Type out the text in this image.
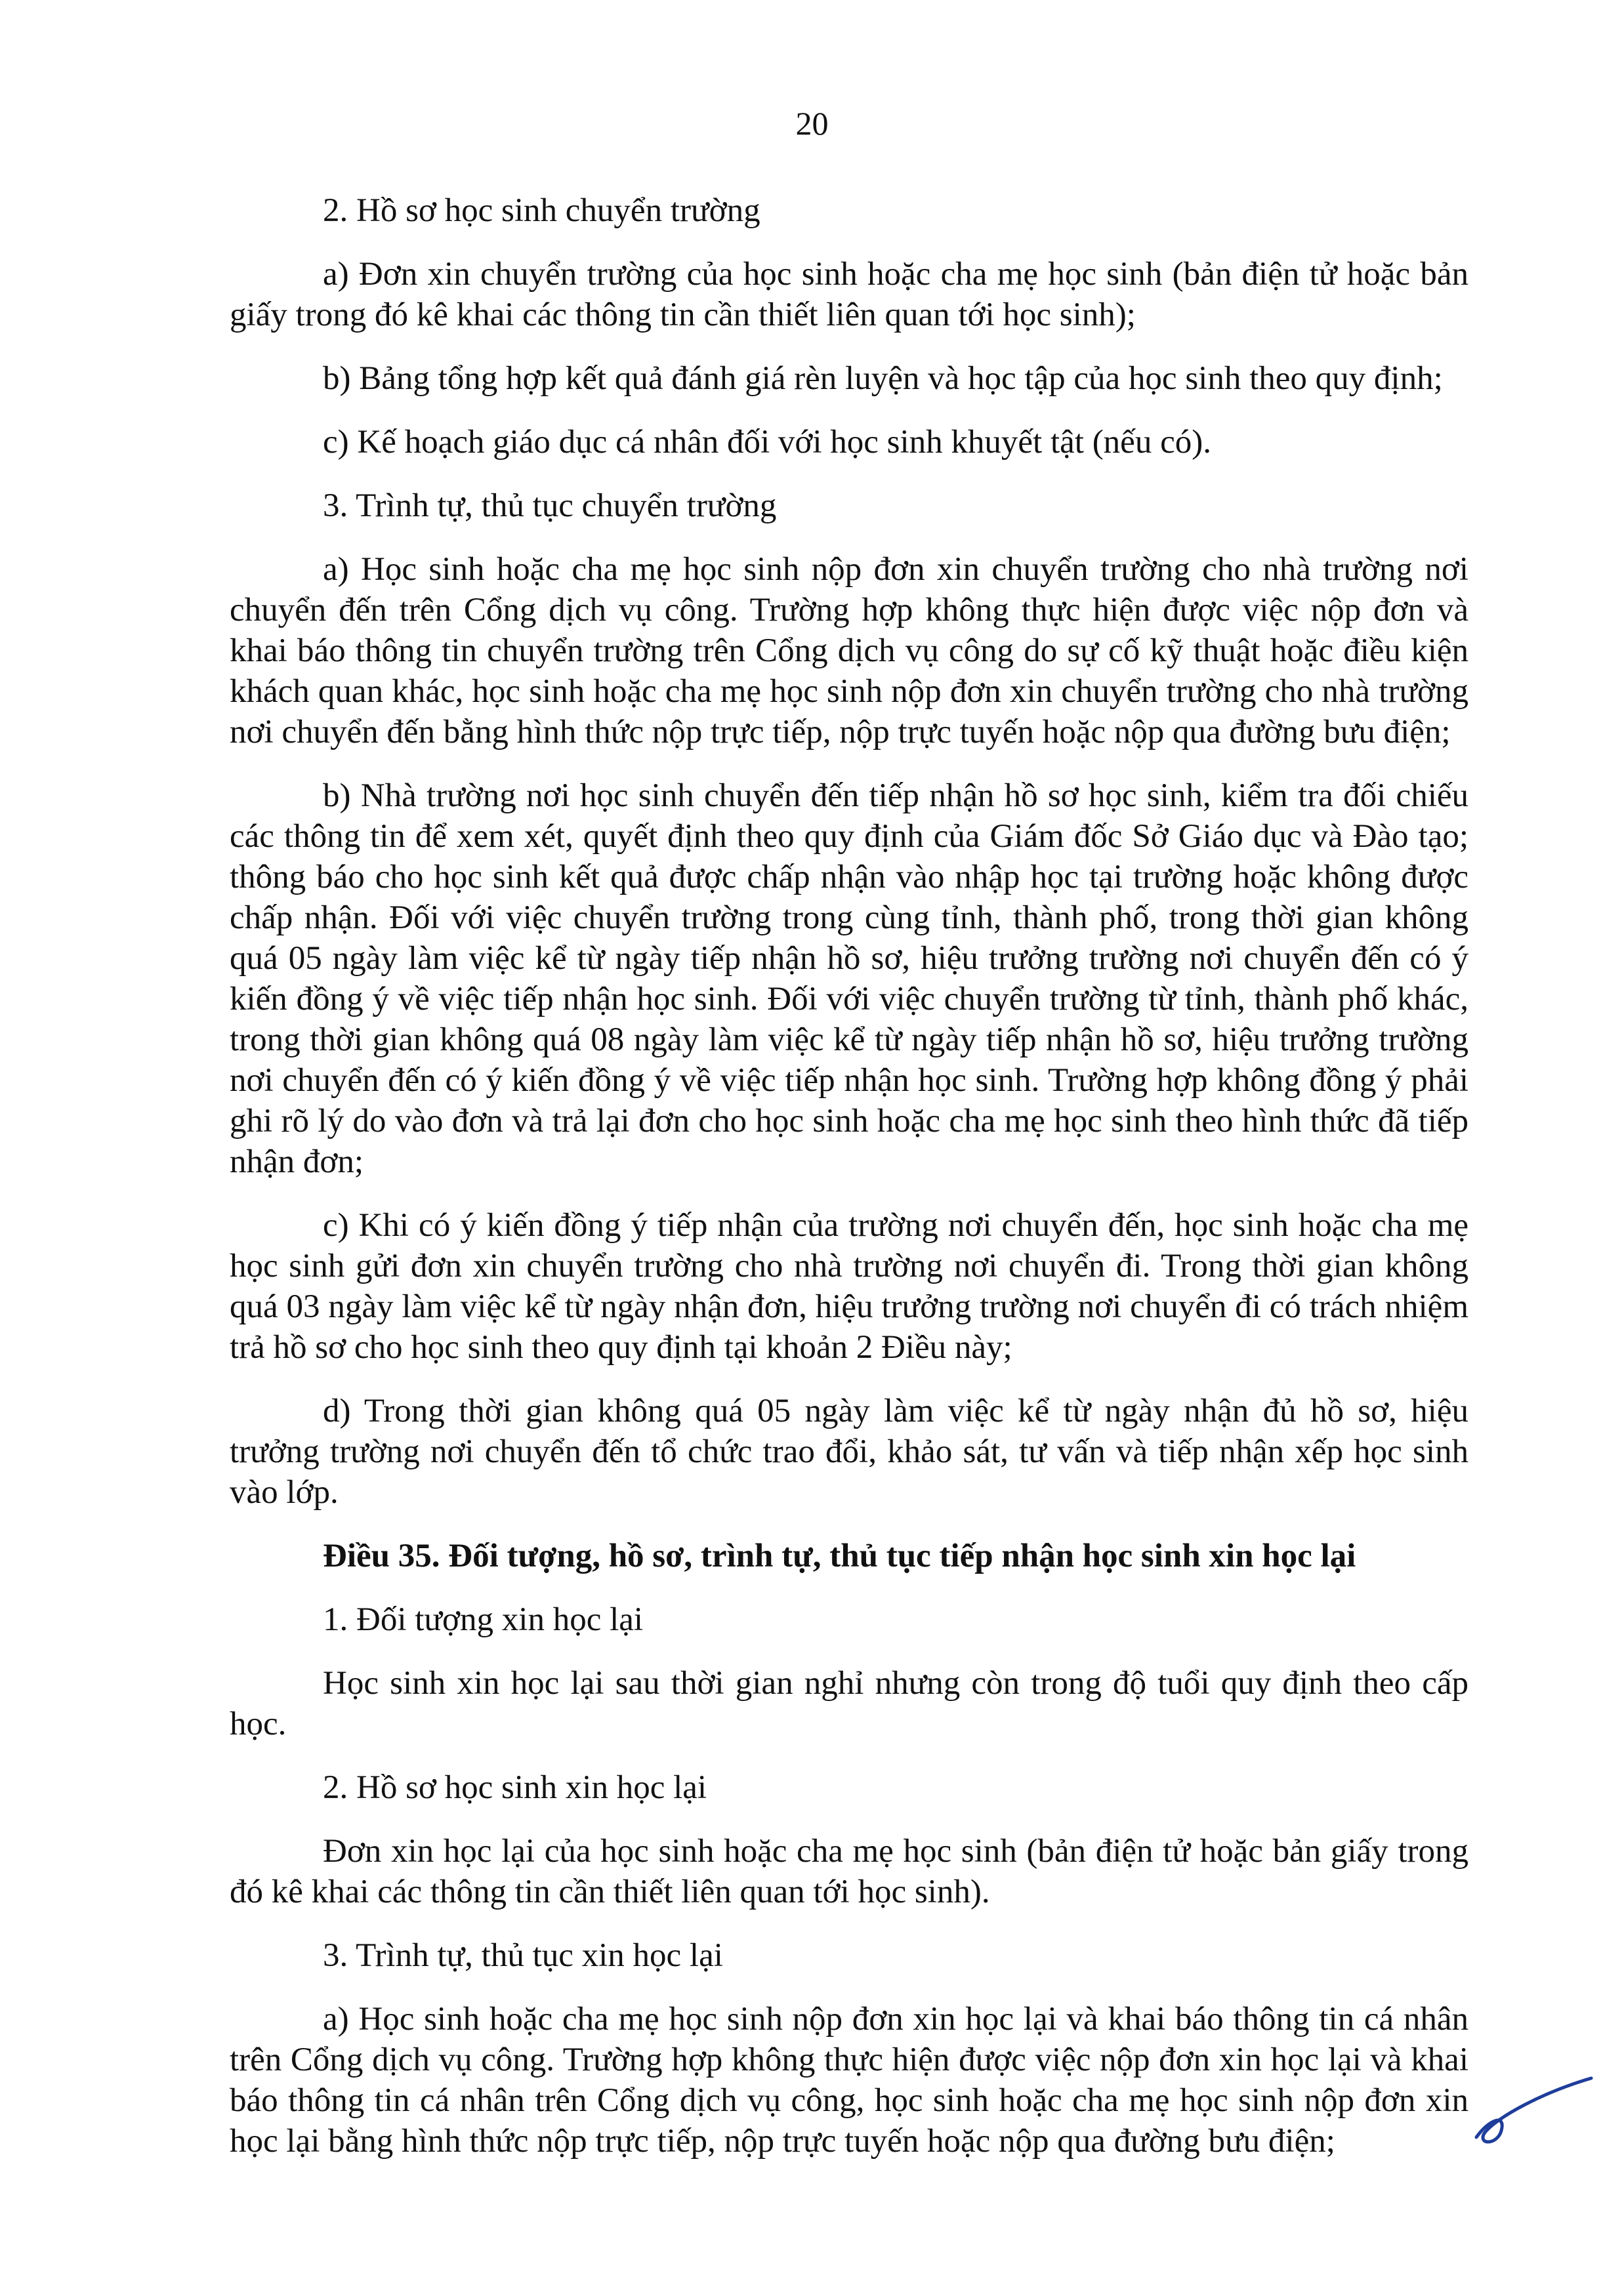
20

2. Hồ sơ học sinh chuyển trường

a) Đơn xin chuyển trường của học sinh hoặc cha mẹ học sinh (bản điện tử hoặc bản giấy trong đó kê khai các thông tin cần thiết liên quan tới học sinh);

b) Bảng tổng hợp kết quả đánh giá rèn luyện và học tập của học sinh theo quy định;

c) Kế hoạch giáo dục cá nhân đối với học sinh khuyết tật (nếu có).

3. Trình tự, thủ tục chuyển trường

a) Học sinh hoặc cha mẹ học sinh nộp đơn xin chuyển trường cho nhà trường nơi chuyển đến trên Cổng dịch vụ công. Trường hợp không thực hiện được việc nộp đơn và khai báo thông tin chuyển trường trên Cổng dịch vụ công do sự cố kỹ thuật hoặc điều kiện khách quan khác, học sinh hoặc cha mẹ học sinh nộp đơn xin chuyển trường cho nhà trường nơi chuyển đến bằng hình thức nộp trực tiếp, nộp trực tuyến hoặc nộp qua đường bưu điện;

b) Nhà trường nơi học sinh chuyển đến tiếp nhận hồ sơ học sinh, kiểm tra đối chiếu các thông tin để xem xét, quyết định theo quy định của Giám đốc Sở Giáo dục và Đào tạo; thông báo cho học sinh kết quả được chấp nhận vào nhập học tại trường hoặc không được chấp nhận. Đối với việc chuyển trường trong cùng tỉnh, thành phố, trong thời gian không quá 05 ngày làm việc kể từ ngày tiếp nhận hồ sơ, hiệu trưởng trường nơi chuyển đến có ý kiến đồng ý về việc tiếp nhận học sinh. Đối với việc chuyển trường từ tỉnh, thành phố khác, trong thời gian không quá 08 ngày làm việc kể từ ngày tiếp nhận hồ sơ, hiệu trưởng trường nơi chuyển đến có ý kiến đồng ý về việc tiếp nhận học sinh. Trường hợp không đồng ý phải ghi rõ lý do vào đơn và trả lại đơn cho học sinh hoặc cha mẹ học sinh theo hình thức đã tiếp nhận đơn;

c) Khi có ý kiến đồng ý tiếp nhận của trường nơi chuyển đến, học sinh hoặc cha mẹ học sinh gửi đơn xin chuyển trường cho nhà trường nơi chuyển đi. Trong thời gian không quá 03 ngày làm việc kể từ ngày nhận đơn, hiệu trưởng trường nơi chuyển đi có trách nhiệm trả hồ sơ cho học sinh theo quy định tại khoản 2 Điều này;

d) Trong thời gian không quá 05 ngày làm việc kể từ ngày nhận đủ hồ sơ, hiệu trưởng trường nơi chuyển đến tổ chức trao đổi, khảo sát, tư vấn và tiếp nhận xếp học sinh vào lớp.

Điều 35. Đối tượng, hồ sơ, trình tự, thủ tục tiếp nhận học sinh xin học lại

1. Đối tượng xin học lại

Học sinh xin học lại sau thời gian nghỉ nhưng còn trong độ tuổi quy định theo cấp học.

2. Hồ sơ học sinh xin học lại

Đơn xin học lại của học sinh hoặc cha mẹ học sinh (bản điện tử hoặc bản giấy trong đó kê khai các thông tin cần thiết liên quan tới học sinh).

3. Trình tự, thủ tục xin học lại

a) Học sinh hoặc cha mẹ học sinh nộp đơn xin học lại và khai báo thông tin cá nhân trên Cổng dịch vụ công. Trường hợp không thực hiện được việc nộp đơn xin học lại và khai báo thông tin cá nhân trên Cổng dịch vụ công, học sinh hoặc cha mẹ học sinh nộp đơn xin học lại bằng hình thức nộp trực tiếp, nộp trực tuyến hoặc nộp qua đường bưu điện;
